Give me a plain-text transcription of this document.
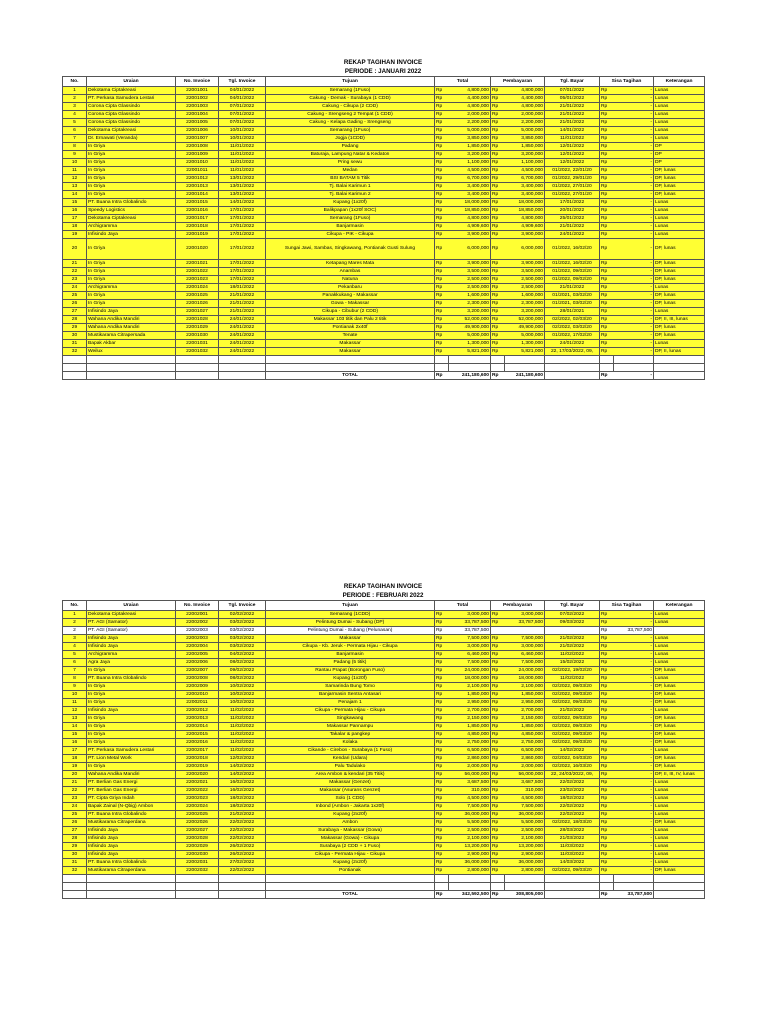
REKAP TAGIHAN INVOICE
PERIODE : JANUARI 2022
No.	Uraian	No. Invoice	Tgl. Invoice	Tujuan	Total		Pembayaran		Tgl. Bayar	Sisa Tagihan		Keterangan
1	Dekotama Ciptakreasi	22001001	04/01/2022	Semarang (1Fuso)	Rp	4,800,000	Rp	4,800,000	07/01/2022	Rp	-	Lunas
2	PT. Perkasa Samudera Lestari	22001002	04/01/2022	Cakung - Demak - Surabaya (1 CDD)	Rp	4,400,000	Rp	4,400,000	05/01/2022	Rp	-	Lunas
3	Corona Cipta Glassindo	22001003	07/01/2022	Cakung - Cikupa (2 CDD)	Rp	4,800,000	Rp	4,800,000	21/01/2022	Rp	-	Lunas
4	Corona Cipta Glassindo	22001004	07/01/2022	Cakung - Srengseng 2 Tempat (1 CDD)	Rp	2,000,000	Rp	2,000,000	21/01/2022	Rp	-	Lunas
5	Corona Cipta Glassindo	22001005	07/01/2022	Cakung - Kelapa Gading - Srengseng	Rp	2,200,000	Rp	2,200,000	21/01/2022	Rp	-	Lunas
6	Dekotama Ciptakreasi	22001006	10/01/2022	Semarang (1Fuso)	Rp	5,000,000	Rp	5,000,000	14/01/2022	Rp	-	Lunas
7	Dr. Ernawati (Veranda)	22001007	10/01/2022	Jogja (1CDD)	Rp	3,850,000	Rp	3,850,000	11/01/2022	Rp	-	Lunas
8	In Griya	22001008	11/01/2022	Padang	Rp	1,850,000	Rp	1,850,000	12/01/2022	Rp	-	DP
9	In Griya	22001009	11/01/2022	Baturaja, Lampung Natar & Kedaton	Rp	3,200,000	Rp	3,200,000	12/01/2022	Rp	-	DP
10	In Griya	22001010	11/01/2022	Pring sewu	Rp	1,100,000	Rp	1,100,000	12/01/2022	Rp	-	DP
11	In Griya	22001011	11/01/2022	Medan	Rp	4,500,000	Rp	4,500,000	01/2022, 22/01/20	Rp	-	DP, lunas
12	In Griya	22001012	13/01/2022	BSI BATAM 5 Titik	Rp	6,700,000	Rp	6,700,000	01/2022, 29/01/20	Rp	-	DP, lunas
13	In Griya	22001013	13/01/2022	Tj. Balai Karimun 1	Rp	3,400,000	Rp	3,400,000	01/2022, 27/01/20	Rp	-	DP, lunas
14	In Griya	22001014	13/01/2022	Tj. Balai Karimun 2	Rp	3,400,000	Rp	3,400,000	01/2022, 27/01/20	Rp	-	DP, lunas
15	PT. Buana Intra Globalindo	22001015	14/01/2022	Kupang (1x20f)	Rp	18,000,000	Rp	18,000,000	17/01/2022	Rp	-	Lunas
16	Speedy Logistics	22001016	17/01/2022	Balikpapan (1x20f SOC)	Rp	18,850,000	Rp	18,850,000	20/01/2022	Rp	-	Lunas
17	Dekotama Ciptakreasi	22001017	17/01/2022	Semarang (1Fuso)	Rp	4,800,000	Rp	4,800,000	25/01/2022	Rp	-	Lunas
18	Archigramma	22001018	17/01/2022	Banjarmasin	Rp	4,909,600	Rp	4,909,600	21/01/2022	Rp	-	Lunas
19	Infisindo Jaya	22001019	17/01/2022	Cikupa - PIK - Cikupa	Rp	3,900,000	Rp	3,900,000	24/01/2022	Rp	-	Lunas
20	In Griya	22001020	17/01/2022	Sungai Jawi, Sambas, Singkawang, Pontianak Gusti Sulung	Rp	6,000,000	Rp	6,000,000	01/2022, 16/02/20	Rp	-	DP, lunas
21	In Griya	22001021	17/01/2022	Ketapang Mares Mata	Rp	3,900,000	Rp	3,900,000	01/2022, 16/02/20	Rp	-	DP, lunas
22	In Griya	22001022	17/01/2022	Anambas	Rp	3,500,000	Rp	3,500,000	01/2022, 09/02/20	Rp	-	DP, lunas
23	In Griya	22001023	17/01/2022	Natuna	Rp	2,500,000	Rp	2,500,000	01/2022, 09/02/20	Rp	-	DP, lunas
24	Archigramma	22001024	18/01/2022	Pekanbaru	Rp	2,500,000	Rp	2,500,000	21/01/2022	Rp	-	Lunas
25	In Griya	22001025	21/01/2022	Panakkukang - Makassar	Rp	1,600,000	Rp	1,600,000	01/2021, 03/02/20	Rp	-	DP, lunas
26	In Griya	22001026	21/01/2022	Gowa - Makassar	Rp	2,300,000	Rp	2,300,000	01/2021, 03/02/20	Rp	-	DP, lunas
27	Infisindo Jaya	22001027	21/01/2022	Cikupa - Cibubur (2 CDD)	Rp	3,200,000	Rp	3,200,000	28/01/2021	Rp	-	Lunas
28	Wahana Andika Mandiri	22001028	24/01/2022	Makassar 103 titik dan Palu 2 titik	Rp	52,000,000	Rp	52,000,000	02/2022, 02/03/20	Rp	-	DP, II, III, lunas
29	Wahana Andika Mandiri	22001029	24/01/2022	Pontianak 2x40f	Rp	49,900,000	Rp	49,900,000	02/2022, 03/02/20	Rp	-	DP, lunas
30	Mustikarama Citrapersada	22001030	24/01/2022	Tenate	Rp	5,000,000	Rp	5,000,000	01/2022, 17/02/20	Rp	-	DP, lunas
31	Bapak Akbar	22001031	24/01/2022	Makassar	Rp	1,300,000	Rp	1,300,000	24/01/2022	Rp	-	Lunas
32	Weilux	22001032	24/01/2022	Makassar	Rp	5,821,000	Rp	5,821,000	22, 17/03/2022, 09,	Rp	-	DP, II, lunas

				TOTAL	Rp	241,180,600	Rp	241,180,600		Rp	-	
REKAP TAGIHAN INVOICE
PERIODE : FEBRUARI 2022
No.	Uraian	No. Invoice	Tgl. Invoice	Tujuan	Total		Pembayaran		Tgl. Bayar	Sisa Tagihan		Keterangan
1	Dekotama Ciptakreasi	22002001	02/02/2022	Semarang (1CDD)	Rp	3,000,000	Rp	3,000,000	07/02/2022	Rp	-	Lunas
2	PT. AGI (Samator)	22002002	03/02/2022	Pelintung Dumai - Subang (DP)	Rp	33,787,500	Rp	33,787,500	09/03/2022	Rp	-	Lunas
2	PT. AGI (Samator)	22002003	03/02/2022	Pelintung Dumai - Subang (Pelunasan)	Rp	33,787,500				Rp	33,787,500	
3	Infisindo Jaya	22002003	03/02/2022	Makassar	Rp	7,500,000	Rp	7,500,000	21/02/2022	Rp	-	Lunas
4	Infisindo Jaya	22002004	03/02/2022	Cikupa - Kb. Jeruk - Permata Hijau - Cikupa	Rp	3,000,000	Rp	3,000,000	21/02/2022	Rp	-	Lunas
5	Archigramma	22002005	04/02/2022	Banjarmasin	Rp	6,460,000	Rp	6,460,000	11/02/2022	Rp	-	Lunas
6	Agra Jaya	22002006	08/02/2022	Padang (5 titik)	Rp	7,500,000	Rp	7,500,000	15/02/2022	Rp	-	Lunas
7	In Griya	22002007	09/02/2022	Rantau Prapat (Borongan Fuso)	Rp	24,000,000	Rp	24,000,000	02/2022, 19/02/20	Rp	-	DP, lunas
8	PT. Buana Intra Globalindo	22002008	08/02/2022	Kupang (1x20f)	Rp	18,000,000	Rp	18,000,000	11/02/2022	Rp	-	Lunas
9	In Griya	22002009	10/02/2022	Samarinda Bung Tomo	Rp	2,100,000	Rp	2,100,000	02/2022, 09/03/20	Rp	-	DP, lunas
10	In Griya	22002010	10/02/2022	Banjarmasin Sentra Antasari	Rp	1,850,000	Rp	1,850,000	02/2022, 09/03/20	Rp	-	DP, lunas
11	In Griya	22002011	10/02/2022	Penajam 1	Rp	2,950,000	Rp	2,950,000	02/2022, 09/03/20	Rp	-	DP, lunas
12	Infisindo Jaya	22002012	11/02/2022	Cikupa - Permata Hijau - Cikupa	Rp	2,700,000	Rp	2,700,000	21/02/2022	Rp	-	Lunas
13	In Griya	22002013	11/02/2022	Singkawang	Rp	2,150,000	Rp	2,150,000	02/2022, 09/03/20	Rp	-	DP, lunas
14	In Griya	22002014	11/02/2022	Makassar Pannampu	Rp	1,850,000	Rp	1,850,000	02/2022, 09/03/20	Rp	-	DP, lunas
15	In Griya	22002015	11/02/2022	Takalar & pangkep	Rp	4,850,000	Rp	4,850,000	02/2022, 09/03/20	Rp	-	DP, lunas
16	In Griya	22002016	11/02/2022	Kolaka	Rp	2,750,000	Rp	2,750,000	02/2022, 09/03/20	Rp	-	DP, lunas
17	PT. Perkasa Samudera Lestari	22002017	11/02/2022	Cikande - Cirebon - Surabaya (1 Fuso)	Rp	6,500,000	Rp	6,500,000	14/02/2022	Rp	-	Lunas
18	PT. Lion Metal Work	22002018	12/02/2022	Kendari (Udara)	Rp	2,860,000	Rp	2,860,000	02/2022, 04/03/20	Rp	-	DP, lunas
19	In Griya	22002019	14/02/2022	Palu Tadulako	Rp	2,000,000	Rp	2,000,000	02/2022, 16/03/20	Rp	-	DP, lunas
20	Wahana Andika Mandiri	22002020	14/02/2022	Area Ambon & kendari (35 Titik)	Rp	56,000,000	Rp	56,000,000	22, 24/03/2022, 09,	Rp	-	DP, II, III, IV, lunas
21	PT. Berlian Gas Energi	22002021	16/02/2022	Makassar (Genzet)	Rp	3,687,500	Rp	3,687,500	22/02/2022	Rp	-	Lunas
22	PT. Berlian Gas Energi	22002022	16/02/2022	Makassar (Asurans Genzet)	Rp	310,000	Rp	310,000	23/02/2022	Rp	-	Lunas
23	PT. Cipta Griya Indah	22002023	18/02/2022	Solo (1 CDD)	Rp	4,500,000	Rp	4,500,000	18/02/2022	Rp	-	Lunas
24	Bapak Zainal (N-Qbig) Ambon	22002024	18/02/2022	Inbond (Ambon - Jakarta 1x20f)	Rp	7,500,000	Rp	7,500,000	22/02/2022	Rp	-	Lunas
25	PT. Buana Intra Globalindo	22002025	21/02/2022	Kupang (2x20f)	Rp	36,000,000	Rp	36,000,000	22/02/2022	Rp	-	Lunas
26	Mustikarama Citraperdana	22002026	22/02/2022	Ambon	Rp	5,500,000	Rp	5,500,000	02/2022, 18/03/20	Rp	-	DP, lunas
27	Infisindo Jaya	22002027	22/02/2022	Surabaya - Makassar (Gowa)	Rp	2,500,000	Rp	2,500,000	28/03/2022	Rp	-	Lunas
28	Infisindo Jaya	22002028	22/02/2022	Makassar (Gowa) - Cikupa	Rp	2,100,000	Rp	2,100,000	21/03/2022	Rp	-	Lunas
29	Infisindo Jaya	22002029	26/02/2022	Surabaya (2 CDD + 1 Fuso)	Rp	13,200,000	Rp	13,200,000	11/03/2022	Rp	-	Lunas
30	Infisindo Jaya	22002030	26/02/2022	Cikupa - Permata Hijau - Cikupa	Rp	2,900,000	Rp	2,900,000	11/03/2022	Rp	-	Lunas
31	PT. Buana Intra Globalindo	22002031	27/02/2022	Kupang (2x20f)	Rp	36,000,000	Rp	36,000,000	14/03/2022	Rp	-	Lunas
32	Mustikarama Citraperdana	22002032	22/02/2022	Pontianak	Rp	2,800,000	Rp	2,800,000	02/2022, 09/03/20	Rp	-	DP, lunas

				TOTAL	Rp	342,592,500	Rp	308,805,000		Rp	33,787,500	
